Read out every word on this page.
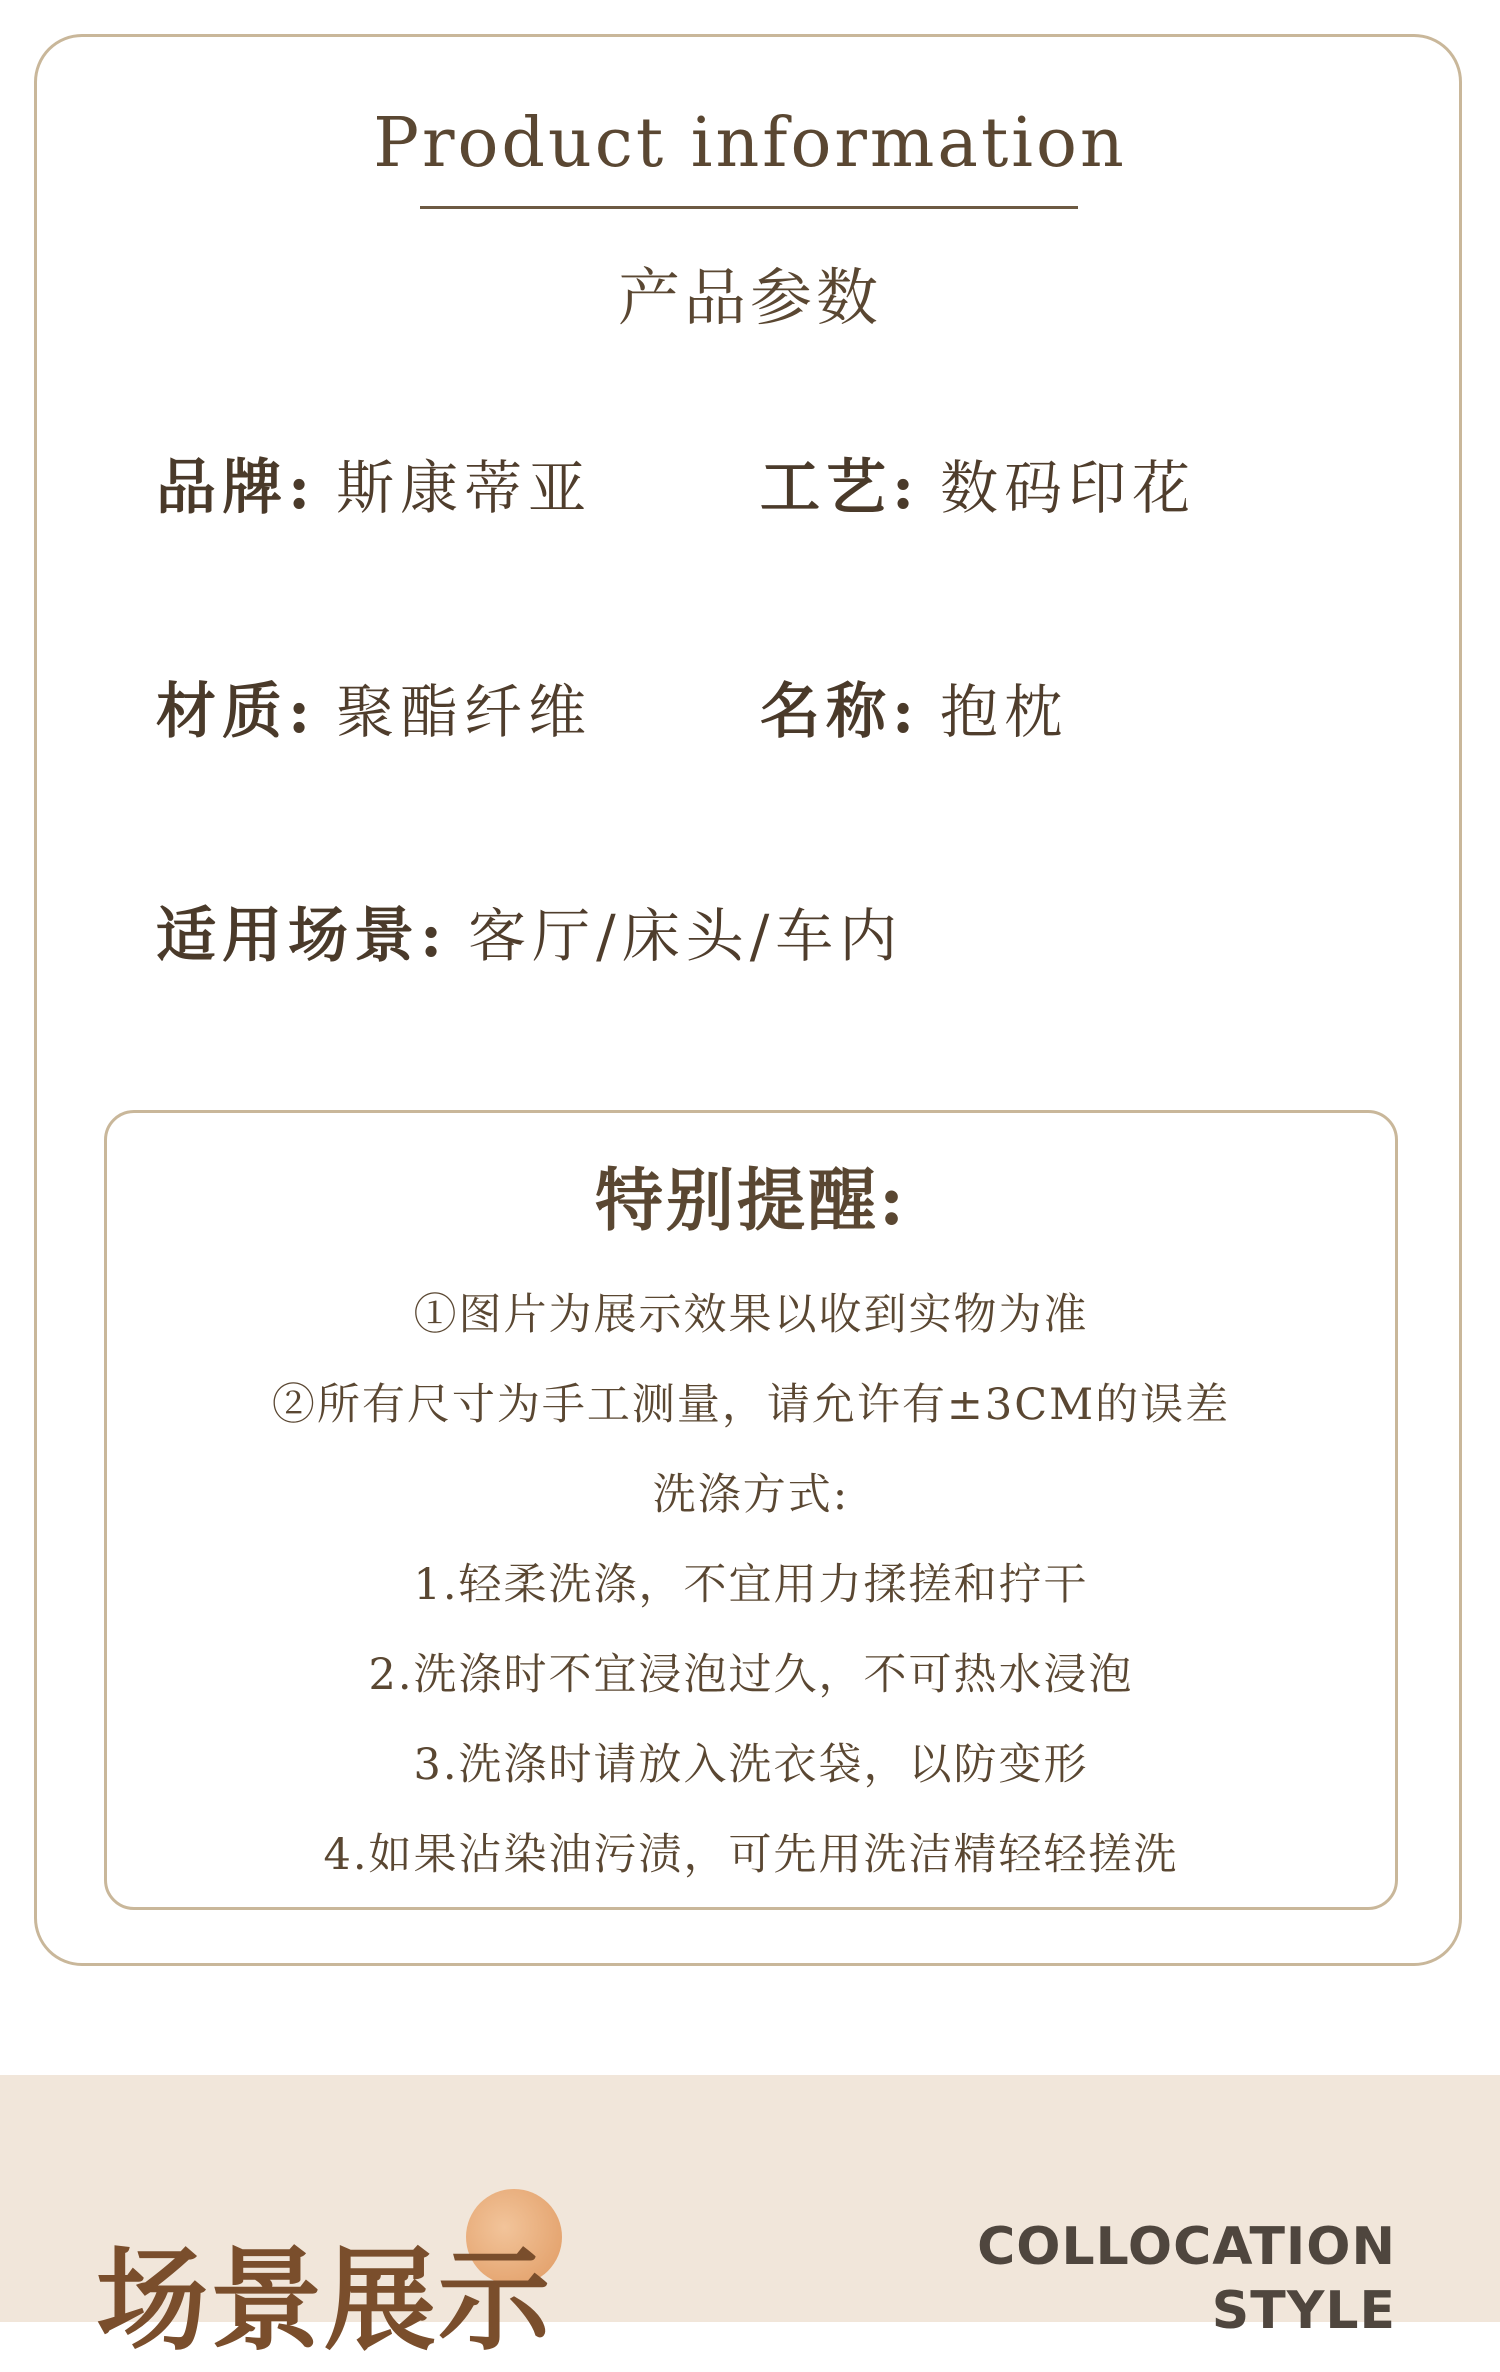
Product information
产品参数
品牌: 斯康蒂亚	工艺: 数码印花
材质: 聚酯纤维	名称: 抱枕
适用场景: 客厅/床头/车内
特别提醒:
①图片为展示效果以收到实物为准
②所有尺寸为手工测量，请允许有±3CM的误差
洗涤方式:
1.轻柔洗涤，不宜用力揉搓和拧干
2.洗涤时不宜浸泡过久，不可热水浸泡
3.洗涤时请放入洗衣袋，以防变形
4.如果沾染油污渍，可先用洗洁精轻轻搓洗
场景展示	COLLOCATION
STYLE
